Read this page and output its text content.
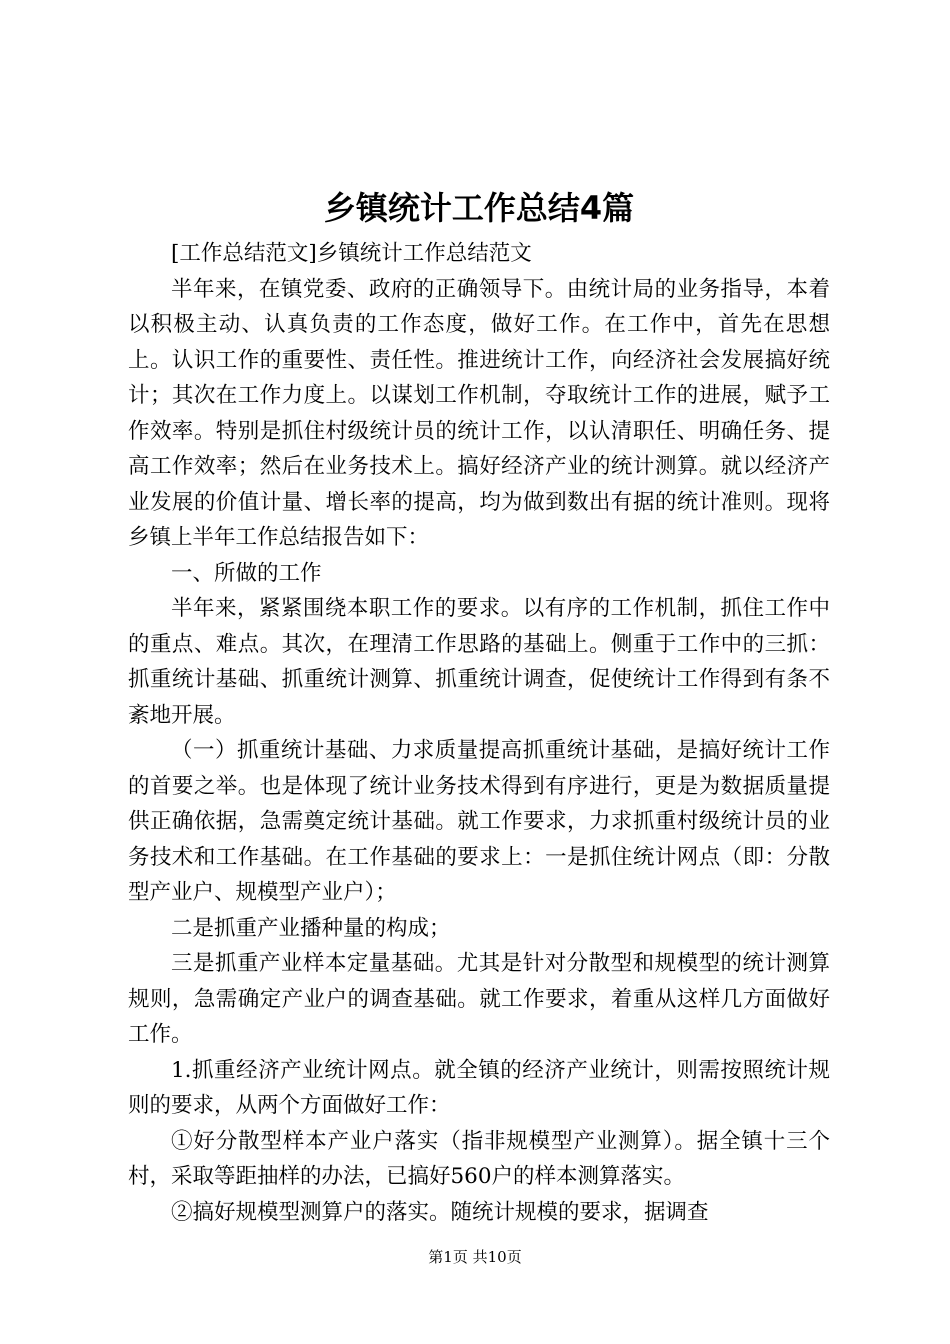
乡镇统计工作总结4篇

[工作总结范文]乡镇统计工作总结范文

半年来，在镇党委、政府的正确领导下。由统计局的业务指导，本着以积极主动、认真负责的工作态度，做好工作。在工作中，首先在思想上。认识工作的重要性、责任性。推进统计工作，向经济社会发展搞好统计；其次在工作力度上。以谋划工作机制，夺取统计工作的进展，赋予工作效率。特别是抓住村级统计员的统计工作，以认清职任、明确任务、提高工作效率；然后在业务技术上。搞好经济产业的统计测算。就以经济产业发展的价值计量、增长率的提高，均为做到数出有据的统计准则。现将乡镇上半年工作总结报告如下：

一、所做的工作

半年来，紧紧围绕本职工作的要求。以有序的工作机制，抓住工作中的重点、难点。其次，在理清工作思路的基础上。侧重于工作中的三抓：抓重统计基础、抓重统计测算、抓重统计调查，促使统计工作得到有条不紊地开展。

（一）抓重统计基础、力求质量提高抓重统计基础，是搞好统计工作的首要之举。也是体现了统计业务技术得到有序进行，更是为数据质量提供正确依据，急需奠定统计基础。就工作要求，力求抓重村级统计员的业务技术和工作基础。在工作基础的要求上：一是抓住统计网点（即：分散型产业户、规模型产业户）；

二是抓重产业播种量的构成；

三是抓重产业样本定量基础。尤其是针对分散型和规模型的统计测算规则，急需确定产业户的调查基础。就工作要求，着重从这样几方面做好工作。

1.抓重经济产业统计网点。就全镇的经济产业统计，则需按照统计规则的要求，从两个方面做好工作：

①好分散型样本产业户落实（指非规模型产业测算）。据全镇十三个村，采取等距抽样的办法，已搞好560户的样本测算落实。

②搞好规模型测算户的落实。随统计规模的要求，据调查

第1页 共10页
